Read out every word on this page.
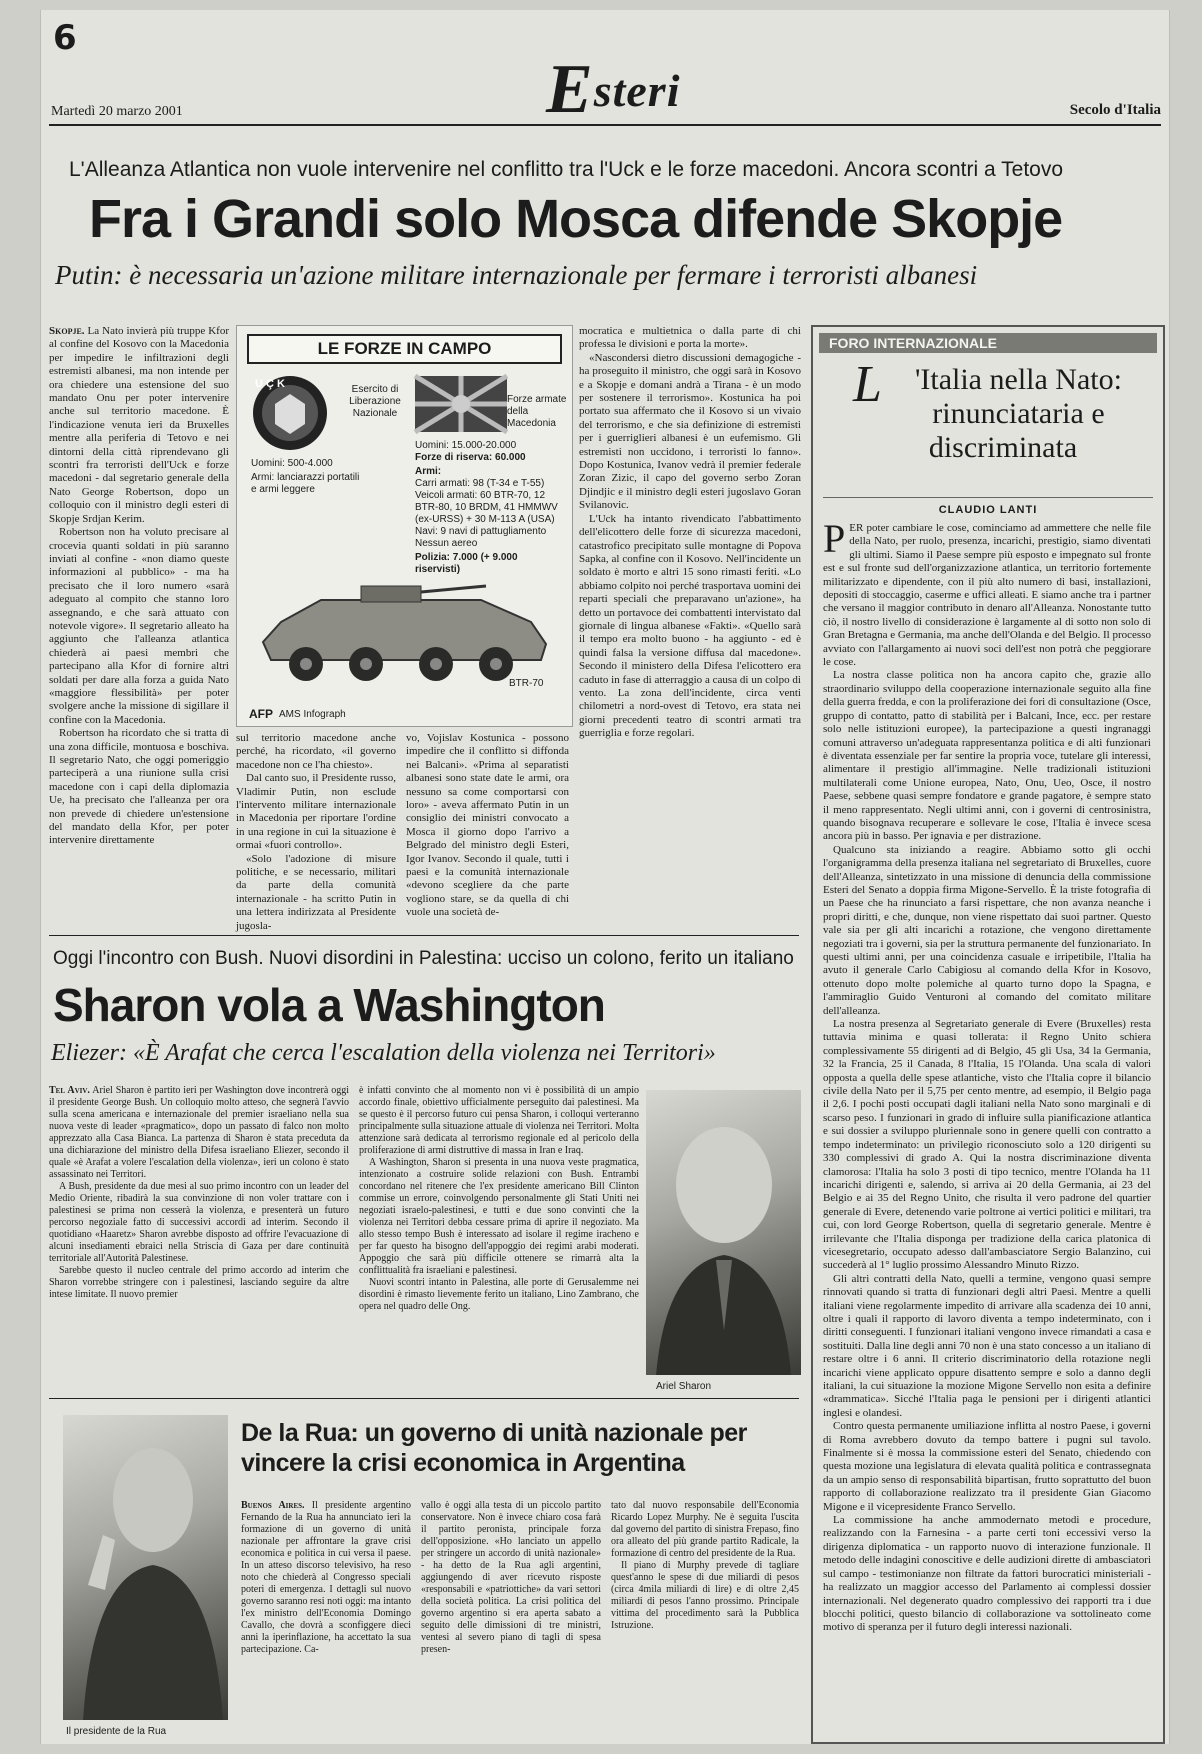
6
Esteri
Martedì 20 marzo 2001	Secolo d'Italia
L'Alleanza Atlantica non vuole intervenire nel conflitto tra l'Uck e le forze macedoni. Ancora scontri a Tetovo
Fra i Grandi solo Mosca difende Skopje
Putin: è necessaria un'azione militare internazionale per fermare i terroristi albanesi

Skopje. La Nato invierà più truppe Kfor al confine del Kosovo con la Macedonia per impedire le infiltrazioni degli estremisti albanesi, ma non intende per ora chiedere una estensione del suo mandato Onu per poter intervenire anche sul territorio macedone. È l'indicazione venuta ieri da Bruxelles mentre alla periferia di Tetovo e nei dintorni della città riprendevano gli scontri fra terroristi dell'Uck e forze macedoni - dal segretario generale della Nato George Robertson, dopo un colloquio con il ministro degli esteri di Skopje Srdjan Kerim.

Robertson non ha voluto precisare al crocevia quanti soldati in più saranno inviati al confine - «non diamo queste informazioni al pubblico» - ma ha precisato che il loro numero «sarà adeguato al compito che stanno loro assegnando, e che sarà attuato con notevole vigore». Il segretario alleato ha aggiunto che l'alleanza atlantica chiederà ai paesi membri che partecipano alla Kfor di fornire altri soldati per dare alla forza a guida Nato «maggiore flessibilità» per poter svolgere anche la missione di sigillare il confine con la Macedonia.

Robertson ha ricordato che si tratta di una zona difficile, montuosa e boschiva. Il segretario Nato, che oggi pomeriggio parteciperà a una riunione sulla crisi macedone con i capi della diplomazia Ue, ha precisato che l'alleanza per ora non prevede di chiedere un'estensione del mandato della Kfor, per poter intervenire direttamente

LE FORZE IN CAMPO
U Ç K	Esercito di Liberazione Nazionale
Forze armate della Macedonia
Uomini: 500-4.000
Armi: lanciarazzi portatili e armi leggere
Uomini: 15.000-20.000
Forze di riserva: 60.000
Armi:
Carri armati: 98 (T-34 e T-55)
Veicoli armati: 60 BTR-70, 12 BTR-80, 10 BRDM, 41 HMMWV (ex-URSS) + 30 M-113 A (USA)
Navi: 9 navi di pattugliamento
Nessun aereo
Polizia: 7.000 (+ 9.000 riservisti)
BTR-70
AFP AMS Infograph

sul territorio macedone anche perché, ha ricordato, «il governo macedone non ce l'ha chiesto».

Dal canto suo, il Presidente russo, Vladimir Putin, non esclude l'intervento militare internazionale in Macedonia per riportare l'ordine in una regione in cui la situazione è ormai «fuori controllo».

«Solo l'adozione di misure politiche, e se necessario, militari da parte della comunità internazionale - ha scritto Putin in una lettera indirizzata al Presidente jugosla-

vo, Vojislav Kostunica - possono impedire che il conflitto si diffonda nei Balcani». «Prima al separatisti albanesi sono state date le armi, ora nessuno sa come comportarsi con loro» - aveva affermato Putin in un consiglio dei ministri convocato a Mosca il giorno dopo l'arrivo a Belgrado del ministro degli Esteri, Igor Ivanov. Secondo il quale, tutti i paesi e la comunità internazionale «devono scegliere da che parte vogliono stare, se da quella di chi vuole una società de-

mocratica e multietnica o dalla parte di chi professa le divisioni e porta la morte».

«Nascondersi dietro discussioni demagogiche - ha proseguito il ministro, che oggi sarà in Kosovo e a Skopje e domani andrà a Tirana - è un modo per sostenere il terrorismo». Kostunica ha poi portato sua affermato che il Kosovo si un vivaio del terrorismo, e che sia definizione di estremisti per i guerriglieri albanesi è un eufemismo. Gli estremisti non uccidono, i terroristi lo fanno». Dopo Kostunica, Ivanov vedrà il premier federale Zoran Zizic, il capo del governo serbo Zoran Djindjic e il ministro degli esteri jugoslavo Goran Svilanovic.

L'Uck ha intanto rivendicato l'abbattimento dell'elicottero delle forze di sicurezza macedoni, catastrofico precipitato sulle montagne di Popova Sapka, al confine con il Kosovo. Nell'incidente un soldato è morto e altri 15 sono rimasti feriti. «Lo abbiamo colpito noi perché trasportava uomini dei reparti speciali che preparavano un'azione», ha detto un portavoce dei combattenti intervistato dal giornale di lingua albanese «Fakti». «Quello sarà il tempo era molto buono - ha aggiunto - ed è quindi falsa la versione diffusa dal macedone». Secondo il ministero della Difesa l'elicottero era caduto in fase di atterraggio a causa di un colpo di vento. La zona dell'incidente, circa venti chilometri a nord-ovest di Tetovo, era stata nei giorni precedenti teatro di scontri armati tra guerriglia e forze regolari.

FORO INTERNAZIONALE
L 'Italia nella Nato: rinunciataria e discriminata
CLAUDIO LANTI

PER poter cambiare le cose, cominciamo ad ammettere che nelle file della Nato, per ruolo, presenza, incarichi, prestigio, siamo diventati gli ultimi. Siamo il Paese sempre più esposto e impegnato sul fronte est e sul fronte sud dell'organizzazione atlantica, un territorio fortemente militarizzato e dipendente, con il più alto numero di basi, installazioni, depositi di stoccaggio, caserme e uffici alleati. E siamo anche tra i partner che versano il maggior contributo in denaro all'Alleanza. Nonostante tutto ciò, il nostro livello di considerazione è largamente al di sotto non solo di Gran Bretagna e Germania, ma anche dell'Olanda e del Belgio. Il processo avviato con l'allargamento ai nuovi soci dell'est non potrà che peggiorare le cose.

La nostra classe politica non ha ancora capito che, grazie allo straordinario sviluppo della cooperazione internazionale seguito alla fine della guerra fredda, e con la proliferazione dei fori di consultazione (Osce, gruppo di contatto, patto di stabilità per i Balcani, Ince, ecc. per restare solo nelle istituzioni europee), la partecipazione a questi ingranaggi comuni attraverso un'adeguata rappresentanza politica e di alti funzionari è diventata essenziale per far sentire la propria voce, tutelare gli interessi, alimentare il prestigio all'immagine. Nelle tradizionali istituzioni multilaterali come Unione europea, Nato, Onu, Ueo, Osce, il nostro Paese, sebbene quasi sempre fondatore e grande pagatore, è sempre stato il meno rappresentato. Negli ultimi anni, con i governi di centrosinistra, quando bisognava recuperare e sollevare le cose, l'Italia è invece scesa ancora più in basso. Per ignavia e per distrazione.

Qualcuno sta iniziando a reagire. Abbiamo sotto gli occhi l'organigramma della presenza italiana nel segretariato di Bruxelles, cuore dell'Alleanza, sintetizzato in una missione di denuncia della commissione Esteri del Senato a doppia firma Migone-Servello. È la triste fotografia di un Paese che ha rinunciato a farsi rispettare, che non avanza neanche i propri diritti, e che, dunque, non viene rispettato dai suoi partner. Questo vale sia per gli alti incarichi a rotazione, che vengono direttamente negoziati tra i governi, sia per la struttura permanente del funzionariato. In questi ultimi anni, per una coincidenza casuale e irripetibile, l'Italia ha avuto il generale Carlo Cabigiosu al comando della Kfor in Kosovo, ottenuto dopo molte polemiche al quarto turno dopo la Spagna, e l'ammiraglio Guido Venturoni al comando del comitato militare dell'alleanza.

La nostra presenza al Segretariato generale di Evere (Bruxelles) resta tuttavia minima e quasi tollerata: il Regno Unito schiera complessivamente 55 dirigenti ad di Belgio, 45 gli Usa, 34 la Germania, 32 la Francia, 25 il Canada, 8 l'Italia, 15 l'Olanda. Una scala di valori opposta a quella delle spese atlantiche, visto che l'Italia copre il bilancio civile della Nato per il 5,75 per cento mentre, ad esempio, il Belgio paga il 2,6. I pochi posti occupati dagli italiani nella Nato sono marginali e di scarso peso. I funzionari in grado di influire sulla pianificazione atlantica e sui dossier a sviluppo pluriennale sono in genere quelli con contratto a tempo indeterminato: un privilegio riconosciuto solo a 120 dirigenti su 330 complessivi di grado A. Qui la nostra discriminazione diventa clamorosa: l'Italia ha solo 3 posti di tipo tecnico, mentre l'Olanda ha 11 incarichi dirigenti e, salendo, si arriva ai 20 della Germania, ai 23 del Belgio e ai 35 del Regno Unito, che risulta il vero padrone del quartier generale di Evere, detenendo varie poltrone ai vertici politici e militari, tra cui, con lord George Robertson, quella di segretario generale. Mentre è irrilevante che l'Italia disponga per tradizione della carica platonica di vicesegretario, occupato adesso dall'ambasciatore Sergio Balanzino, cui succederà al 1° luglio prossimo Alessandro Minuto Rizzo.

Gli altri contratti della Nato, quelli a termine, vengono quasi sempre rinnovati quando si tratta di funzionari degli altri Paesi. Mentre a quelli italiani viene regolarmente impedito di arrivare alla scadenza dei 10 anni, oltre i quali il rapporto di lavoro diventa a tempo indeterminato, con i diritti conseguenti. I funzionari italiani vengono invece rimandati a casa e sostituiti. Dalla line degli anni 70 non è una stato concesso a un italiano di restare oltre i 6 anni. Il criterio discriminatorio della rotazione negli incarichi viene applicato oppure disattento sempre e solo a danno degli italiani, la cui situazione la mozione Migone Servello non esita a definire «drammatica». Sicché l'Italia paga le pensioni per i dirigenti atlantici inglesi e olandesi.

Contro questa permanente umiliazione inflitta al nostro Paese, i governi di Roma avrebbero dovuto da tempo battere i pugni sul tavolo. Finalmente si è mossa la commissione esteri del Senato, chiedendo con questa mozione una legislatura di elevata qualità politica e contrassegnata da un ampio senso di responsabilità bipartisan, frutto soprattutto del buon rapporto di collaborazione realizzato tra il presidente Gian Giacomo Migone e il vicepresidente Franco Servello.

La commissione ha anche ammodernato metodi e procedure, realizzando con la Farnesina - a parte certi toni eccessivi verso la dirigenza diplomatica - un rapporto nuovo di interazione funzionale. Il metodo delle indagini conoscitive e delle audizioni dirette di ambasciatori sul campo - testimonianze non filtrate da fattori burocratici ministeriali - ha realizzato un maggior accesso del Parlamento ai complessi dossier internazionali. Nel degenerato quadro complessivo dei rapporti tra i due blocchi politici, questo bilancio di collaborazione va sottolineato come motivo di speranza per il futuro degli interessi nazionali.

Oggi l'incontro con Bush. Nuovi disordini in Palestina: ucciso un colono, ferito un italiano
Sharon vola a Washington
Eliezer: «È Arafat che cerca l'escalation della violenza nei Territori»

Tel Aviv. Ariel Sharon è partito ieri per Washington dove incontrerà oggi il presidente George Bush. Un colloquio molto atteso, che segnerà l'avvio sulla scena americana e internazionale del premier israeliano nella sua nuova veste di leader «pragmatico», dopo un passato di falco non molto apprezzato alla Casa Bianca. La partenza di Sharon è stata preceduta da una dichiarazione del ministro della Difesa israeliano Eliezer, secondo il quale «è Arafat a volere l'escalation della violenza», ieri un colono è stato assassinato nei Territori.

A Bush, presidente da due mesi al suo primo incontro con un leader del Medio Oriente, ribadirà la sua convinzione di non voler trattare con i palestinesi se prima non cesserà la violenza, e presenterà un futuro percorso negoziale fatto di successivi accordi ad interim. Secondo il quotidiano «Haaretz» Sharon avrebbe disposto ad offrire l'evacuazione di alcuni insediamenti ebraici nella Striscia di Gaza per dare continuità territoriale all'Autorità Palestinese.

Sarebbe questo il nucleo centrale del primo accordo ad interim che Sharon vorrebbe stringere con i palestinesi, lasciando seguire da altre intese limitate. Il nuovo premier

è infatti convinto che al momento non vi è possibilità di un ampio accordo finale, obiettivo ufficialmente perseguito dai palestinesi. Ma se questo è il percorso futuro cui pensa Sharon, i colloqui verteranno principalmente sulla situazione attuale di violenza nei Territori. Molta attenzione sarà dedicata al terrorismo regionale ed al pericolo della proliferazione di armi distruttive di massa in Iran e Iraq.

A Washington, Sharon si presenta in una nuova veste pragmatica, intenzionato a costruire solide relazioni con Bush. Entrambi concordano nel ritenere che l'ex presidente americano Bill Clinton commise un errore, coinvolgendo personalmente gli Stati Uniti nei negoziati israelo-palestinesi, e tutti e due sono convinti che la violenza nei Territori debba cessare prima di aprire il negoziato. Ma allo stesso tempo Bush è interessato ad isolare il regime iracheno e per far questo ha bisogno dell'appoggio dei regimi arabi moderati. Appoggio che sarà più difficile ottenere se rimarrà alta la conflittualità fra israeliani e palestinesi.

Nuovi scontri intanto in Palestina, alle porte di Gerusalemme nei disordini è rimasto lievemente ferito un italiano, Lino Zambrano, che opera nel quadro delle Ong.

Ariel Sharon
Il presidente de la Rua
De la Rua: un governo di unità nazionale per vincere la crisi economica in Argentina

Buenos Aires. Il presidente argentino Fernando de la Rua ha annunciato ieri la formazione di un governo di unità nazionale per affrontare la grave crisi economica e politica in cui versa il paese. In un atteso discorso televisivo, ha reso noto che chiederà al Congresso speciali poteri di emergenza. I dettagli sul nuovo governo saranno resi noti oggi: ma intanto l'ex ministro dell'Economia Domingo Cavallo, che dovrà a sconfiggere dieci anni la iperinflazione, ha accettato la sua partecipazione. Ca-

vallo è oggi alla testa di un piccolo partito conservatore. Non è invece chiaro cosa farà il partito peronista, principale forza dell'opposizione. «Ho lanciato un appello per stringere un accordo di unità nazionale» - ha detto de la Rua agli argentini, aggiungendo di aver ricevuto risposte «responsabili e «patriottiche» da vari settori della società politica. La crisi politica del governo argentino si era aperta sabato a seguito delle dimissioni di tre ministri, ventesi al severo piano di tagli di spesa presen-

tato dal nuovo responsabile dell'Economia Ricardo Lopez Murphy. Ne è seguita l'uscita dal governo del partito di sinistra Frepaso, fino ora alleato del più grande partito Radicale, la formazione di centro del presidente de la Rua.

Il piano di Murphy prevede di tagliare quest'anno le spese di due miliardi di pesos (circa 4mila miliardi di lire) e di oltre 2,45 miliardi di pesos l'anno prossimo. Principale vittima del procedimento sarà la Pubblica Istruzione.
